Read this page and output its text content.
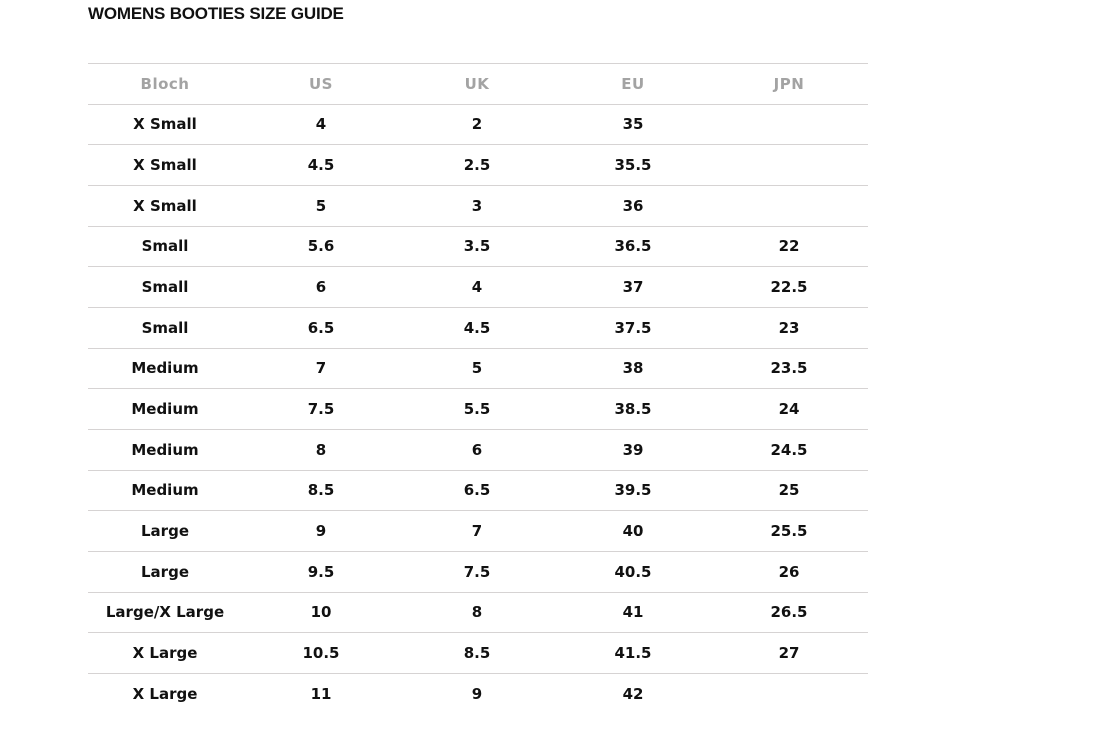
WOMENS BOOTIES SIZE GUIDE
Bloch	US	UK	EU	JPN
X Small	4	2	35
X Small	4.5	2.5	35.5
X Small	5	3	36
Small	5.6	3.5	36.5	22
Small	6	4	37	22.5
Small	6.5	4.5	37.5	23
Medium	7	5	38	23.5
Medium	7.5	5.5	38.5	24
Medium	8	6	39	24.5
Medium	8.5	6.5	39.5	25
Large	9	7	40	25.5
Large	9.5	7.5	40.5	26
Large/X Large	10	8	41	26.5
X Large	10.5	8.5	41.5	27
X Large	11	9	42
